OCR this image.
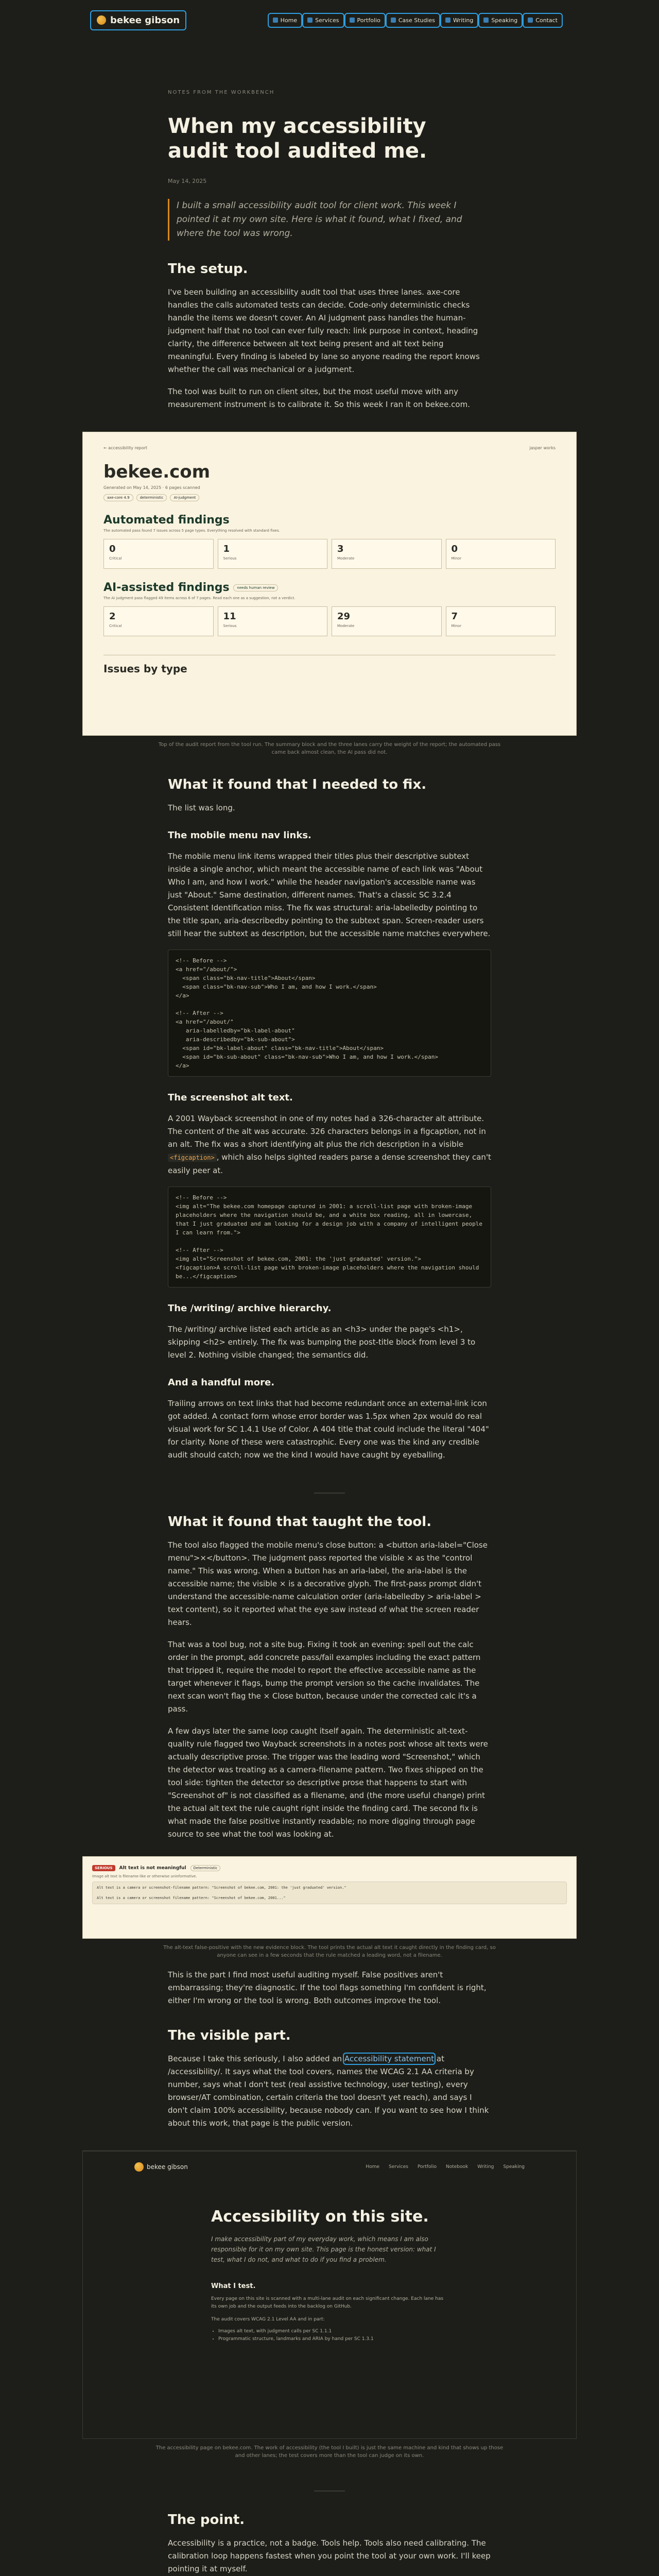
bekee gibson	Home	Services	Portfolio	Case Studies	Writing	Speaking	Contact
NOTES FROM THE WORKBENCH
When my accessibility audit tool audited me.
May 14, 2025

I built a small accessibility audit tool for client work. This week I pointed it at my own site. Here is what it found, what I fixed, and where the tool was wrong.

The setup.

I've been building an accessibility audit tool that uses three lanes. axe-core handles the calls automated tests can decide. Code-only deterministic checks handle the items we doesn't cover. An AI judgment pass handles the human-judgment half that no tool can ever fully reach: link purpose in context, heading clarity, the difference between alt text being present and alt text being meaningful. Every finding is labeled by lane so anyone reading the report knows whether the call was mechanical or a judgment.

The tool was built to run on client sites, but the most useful move with any measurement instrument is to calibrate it. So this week I ran it on bekee.com.

← accessibility report	jasper works
bekee.com
Generated on May 14, 2025 · 6 pages scanned
axe-core 4.9	deterministic	AI-judgment
Automated findings
The automated pass found 7 issues across 5 page types. Everything resolved with standard fixes.
0
Critical
1
Serious
3
Moderate
0
Minor
AI-assisted findings needs human review
The AI judgment pass flagged 49 items across 6 of 7 pages. Read each one as a suggestion, not a verdict.
2
Critical
11
Serious
29
Moderate
7
Minor
Issues by type
Top of the audit report from the tool run. The summary block and the three lanes carry the weight of the report; the automated pass came back almost clean, the AI pass did not.
What it found that I needed to fix.

The list was long.

The mobile menu nav links.

The mobile menu link items wrapped their titles plus their descriptive subtext inside a single anchor, which meant the accessible name of each link was "About Who I am, and how I work." while the header navigation's accessible name was just "About." Same destination, different names. That's a classic SC 3.2.4 Consistent Identification miss. The fix was structural: aria-labelledby pointing to the title span, aria-describedby pointing to the subtext span. Screen-reader users still hear the subtext as description, but the accessible name matches everywhere.

<!-- Before -->
<a href="/about/">
<span class="bk-nav-title">About</span>
<span class="bk-nav-sub">Who I am, and how I work.</span>
</a>

<!-- After -->
<a href="/about/"
aria-labelledby="bk-label-about"
aria-describedby="bk-sub-about">
<span id="bk-label-about" class="bk-nav-title">About</span>
<span id="bk-sub-about" class="bk-nav-sub">Who I am, and how I work.</span>
</a>
The screenshot alt text.

A 2001 Wayback screenshot in one of my notes had a 326-character alt attribute. The content of the alt was accurate. 326 characters belongs in a figcaption, not in an alt. The fix was a short identifying alt plus the rich description in a visible <figcaption> , which also helps sighted readers parse a dense screenshot they can't easily peer at.

<!-- Before -->
<img alt="The bekee.com homepage captured in 2001: a scroll-list page with broken-image placeholders where the navigation should be, and a white box reading, all in lowercase, that I just graduated and am looking for a design job with a company of intelligent people I can learn from.">

<!-- After -->
<img alt="Screenshot of bekee.com, 2001: the 'just graduated' version.">
<figcaption>A scroll-list page with broken-image placeholders where the navigation should be...</figcaption>
The /writing/ archive hierarchy.

The /writing/ archive listed each article as an <h3> under the page's <h1>, skipping <h2> entirely. The fix was bumping the post-title block from level 3 to level 2. Nothing visible changed; the semantics did.

And a handful more.

Trailing arrows on text links that had become redundant once an external-link icon got added. A contact form whose error border was 1.5px when 2px would do real visual work for SC 1.4.1 Use of Color. A 404 title that could include the literal "404" for clarity. None of these were catastrophic. Every one was the kind any credible audit should catch; now we the kind I would have caught by eyeballing.

What it found that taught the tool.

The tool also flagged the mobile menu's close button: a <button aria-label="Close menu">×</button>. The judgment pass reported the visible × as the "control name." This was wrong. When a button has an aria-label, the aria-label is the accessible name; the visible × is a decorative glyph. The first-pass prompt didn't understand the accessible-name calculation order (aria-labelledby > aria-label > text content), so it reported what the eye saw instead of what the screen reader hears.

That was a tool bug, not a site bug. Fixing it took an evening: spell out the calc order in the prompt, add concrete pass/fail examples including the exact pattern that tripped it, require the model to report the effective accessible name as the target whenever it flags, bump the prompt version so the cache invalidates. The next scan won't flag the × Close button, because under the corrected calc it's a pass.

A few days later the same loop caught itself again. The deterministic alt-text-quality rule flagged two Wayback screenshots in a notes post whose alt texts were actually descriptive prose. The trigger was the leading word "Screenshot," which the detector was treating as a camera-filename pattern. Two fixes shipped on the tool side: tighten the detector so descriptive prose that happens to start with "Screenshot of" is not classified as a filename, and (the more useful change) print the actual alt text the rule caught right inside the finding card. The second fix is what made the false positive instantly readable; no more digging through page source to see what the tool was looking at.

SERIOUS	Alt text is not meaningful	Deterministic
Image alt text is filename-like or otherwise uninformative.
Alt text is a camera or screenshot-filename pattern: "Screenshot of bekee.com, 2001: the 'just graduated' version."

Alt text is a camera or screenshot filename pattern: "Screenshot of bekee.com, 2001..."
The alt-text false-positive with the new evidence block. The tool prints the actual alt text it caught directly in the finding card, so anyone can see in a few seconds that the rule matched a leading word, not a filename.

This is the part I find most useful auditing myself. False positives aren't embarrassing; they're diagnostic. If the tool flags something I'm confident is right, either I'm wrong or the tool is wrong. Both outcomes improve the tool.

The visible part.

Because I take this seriously, I also added an Accessibility statement at /accessibility/. It says what the tool covers, names the WCAG 2.1 AA criteria by number, says what I don't test (real assistive technology, user testing), every browser/AT combination, certain criteria the tool doesn't yet reach), and says I don't claim 100% accessibility, because nobody can. If you want to see how I think about this work, that page is the public version.

bekee gibson	Home Services Portfolio Notebook Writing Speaking
Accessibility on this site.

I make accessibility part of my everyday work, which means I am also responsible for it on my own site. This page is the honest version: what I test, what I do not, and what to do if you find a problem.

What I test.

Every page on this site is scanned with a multi-lane audit on each significant change. Each lane has its own job and the output feeds into the backlog on GitHub.

The audit covers WCAG 2.1 Level AA and in part:

• Images alt text, with judgment calls per SC 1.1.1
• Programmatic structure, landmarks and ARIA by hand per SC 1.3.1
The accessibility page on bekee.com. The work of accessibility (the tool I built) is just the same machine and kind that shows up those and other lanes; the test covers more than the tool can judge on its own.
The point.

Accessibility is a practice, not a badge. Tools help. Tools also need calibrating. The calibration loop happens fastest when you point the tool at your own work. I'll keep pointing it at myself.
